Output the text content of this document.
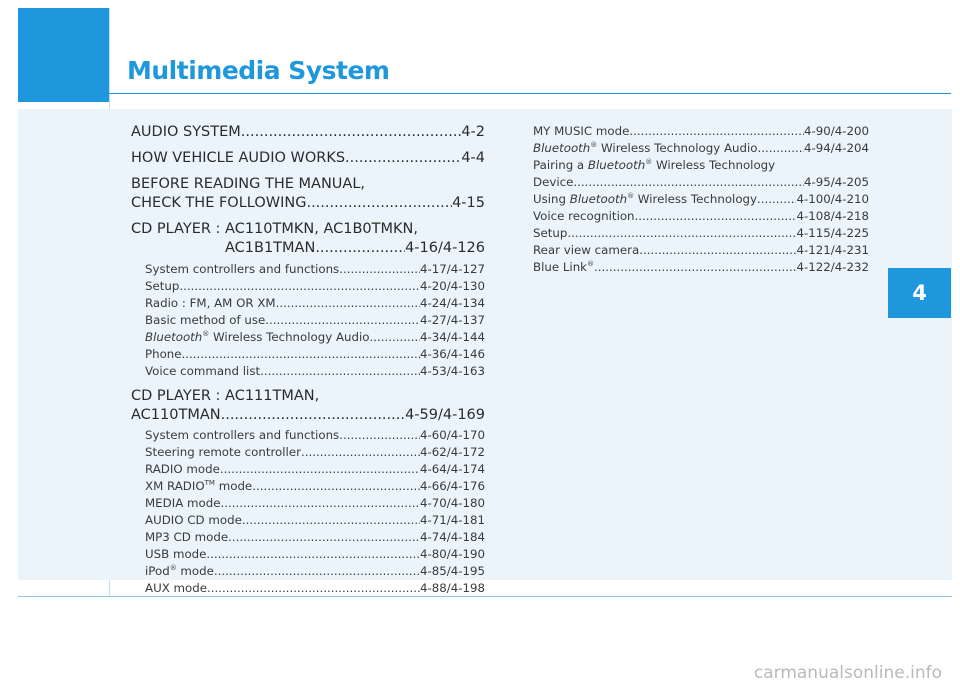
Multimedia System
4
carmanualsonline.info
AUDIO SYSTEM .....	4-2
HOW VEHICLE AUDIO WORKS .....	4-4
BEFORE READING THE MANUAL,
CHECK THE FOLLOWING .....	4-15
CD PLAYER : AC110TMKN, AC1B0TMKN,
AC1B1TMAN .....	4-16/4-126
System controllers and functions .....	4-17/4-127
Setup .....	4-20/4-130
Radio : FM, AM OR XM .....	4-24/4-134
Basic method of use .....	4-27/4-137
Bluetooth® Wireless Technology Audio .....	4-34/4-144
Phone .....	4-36/4-146
Voice command list .....	4-53/4-163
CD PLAYER : AC111TMAN,
AC110TMAN .....	4-59/4-169
System controllers and functions .....	4-60/4-170
Steering remote controller .....	4-62/4-172
RADIO mode .....	4-64/4-174
XM RADIO™ mode .....	4-66/4-176
MEDIA mode .....	4-70/4-180
AUDIO CD mode .....	4-71/4-181
MP3 CD mode .....	4-74/4-184
USB mode .....	4-80/4-190
iPod® mode .....	4-85/4-195
AUX mode .....	4-88/4-198
MY MUSIC mode .....	4-90/4-200
Bluetooth® Wireless Technology Audio .....	4-94/4-204
Pairing a Bluetooth® Wireless Technology
Device .....	4-95/4-205
Using Bluetooth® Wireless Technology .....	4-100/4-210
Voice recognition .....	4-108/4-218
Setup .....	4-115/4-225
Rear view camera .....	4-121/4-231
Blue Link® .....	4-122/4-232
